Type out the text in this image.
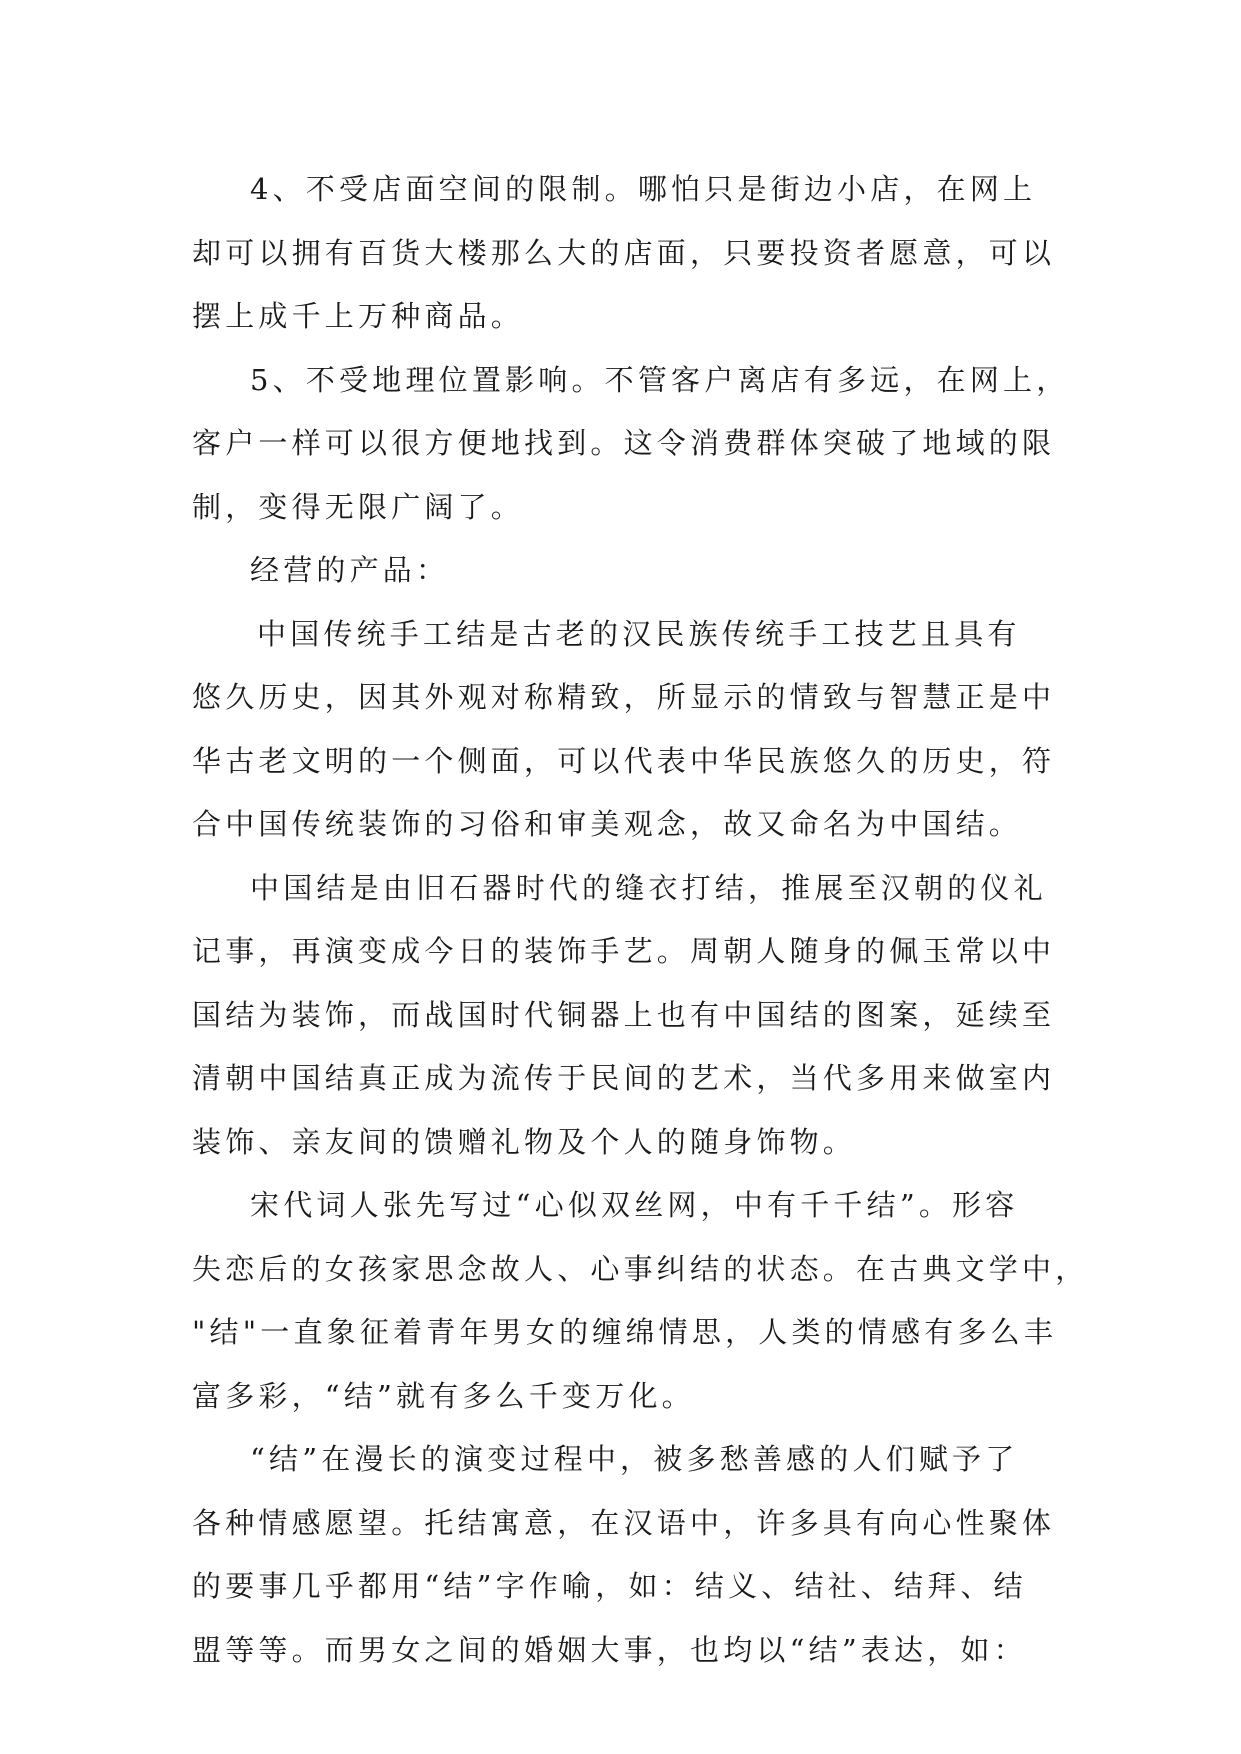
4、不受店面空间的限制。哪怕只是街边小店，在网上
却可以拥有百货大楼那么大的店面，只要投资者愿意，可以
摆上成千上万种商品。
5、不受地理位置影响。不管客户离店有多远，在网上，
客户一样可以很方便地找到。这令消费群体突破了地域的限
制，变得无限广阔了。
经营的产品：
中国传统手工结是古老的汉民族传统手工技艺且具有
悠久历史，因其外观对称精致，所显示的情致与智慧正是中
华古老文明的一个侧面，可以代表中华民族悠久的历史，符
合中国传统装饰的习俗和审美观念，故又命名为中国结。
中国结是由旧石器时代的缝衣打结，推展至汉朝的仪礼
记事，再演变成今日的装饰手艺。周朝人随身的佩玉常以中
国结为装饰，而战国时代铜器上也有中国结的图案，延续至
清朝中国结真正成为流传于民间的艺术，当代多用来做室内
装饰、亲友间的馈赠礼物及个人的随身饰物。
宋代词人张先写过“心似双丝网，中有千千结”。形容
失恋后的女孩家思念故人、心事纠结的状态。在古典文学中，
"结"一直象征着青年男女的缠绵情思，人类的情感有多么丰
富多彩，“结”就有多么千变万化。
“结”在漫长的演变过程中，被多愁善感的人们赋予了
各种情感愿望。托结寓意，在汉语中，许多具有向心性聚体
的要事几乎都用“结”字作喻，如：结义、结社、结拜、结
盟等等。而男女之间的婚姻大事，也均以“结”表达，如：
